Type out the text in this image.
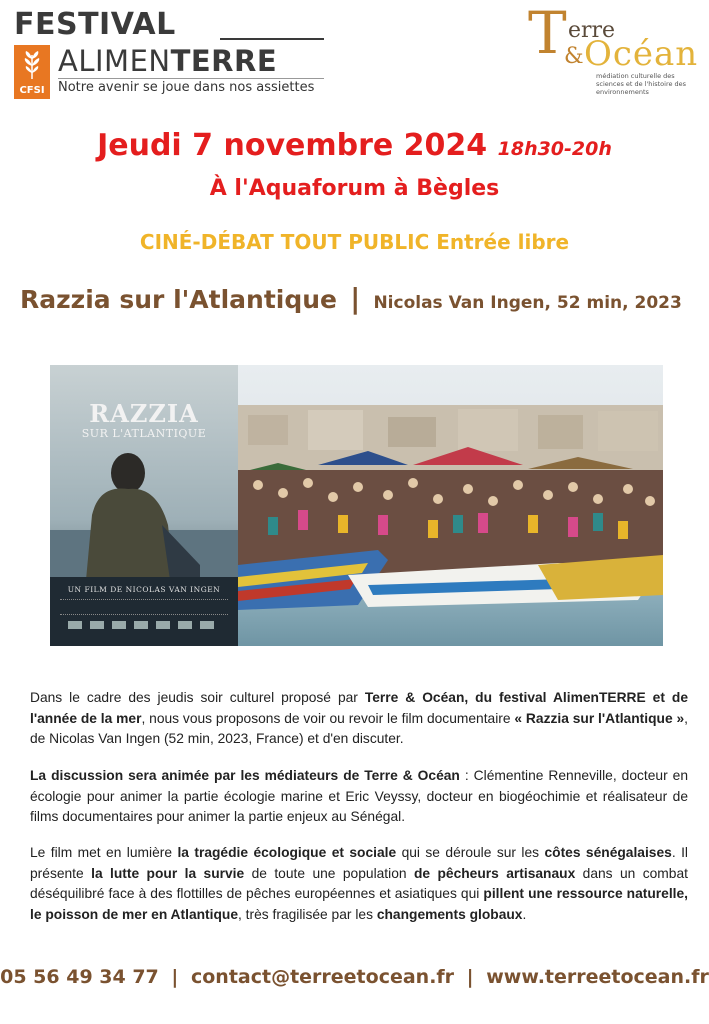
FESTIVAL
CFSI
ALIMENTERRE
Notre avenir se joue dans nos assiettes
T erre
& Océan
médiation culturelle des sciences et de l'histoire des environnements
Jeudi 7 novembre 2024 18h30-20h
À l'Aquaforum à Bègles
CINÉ-DÉBAT TOUT PUBLIC Entrée libre
Razzia sur l'Atlantique | Nicolas Van Ingen, 52 min, 2023
RAZZIA
SUR L'ATLANTIQUE
UN FILM DE NICOLAS VAN INGEN
Dans le cadre des jeudis soir culturel proposé par Terre & Océan, du festival AlimenTERRE et de l'année de la mer, nous vous proposons de voir ou revoir le film documentaire « Razzia sur l'Atlantique », de Nicolas Van Ingen (52 min, 2023, France) et d'en discuter.
La discussion sera animée par les médiateurs de Terre & Océan : Clémentine Renneville, docteur en écologie pour animer la partie écologie marine et Eric Veyssy, docteur en biogéochimie et réalisateur de films documentaires pour animer la partie enjeux au Sénégal.
Le film met en lumière la tragédie écologique et sociale qui se déroule sur les côtes sénégalaises. Il présente la lutte pour la survie de toute une population de pêcheurs artisanaux dans un combat déséquilibré face à des flottilles de pêches européennes et asiatiques qui pillent une ressource naturelle, le poisson de mer en Atlantique, très fragilisée par les changements globaux.
05 56 49 34 77 | contact@terreetocean.fr | www.terreetocean.fr
